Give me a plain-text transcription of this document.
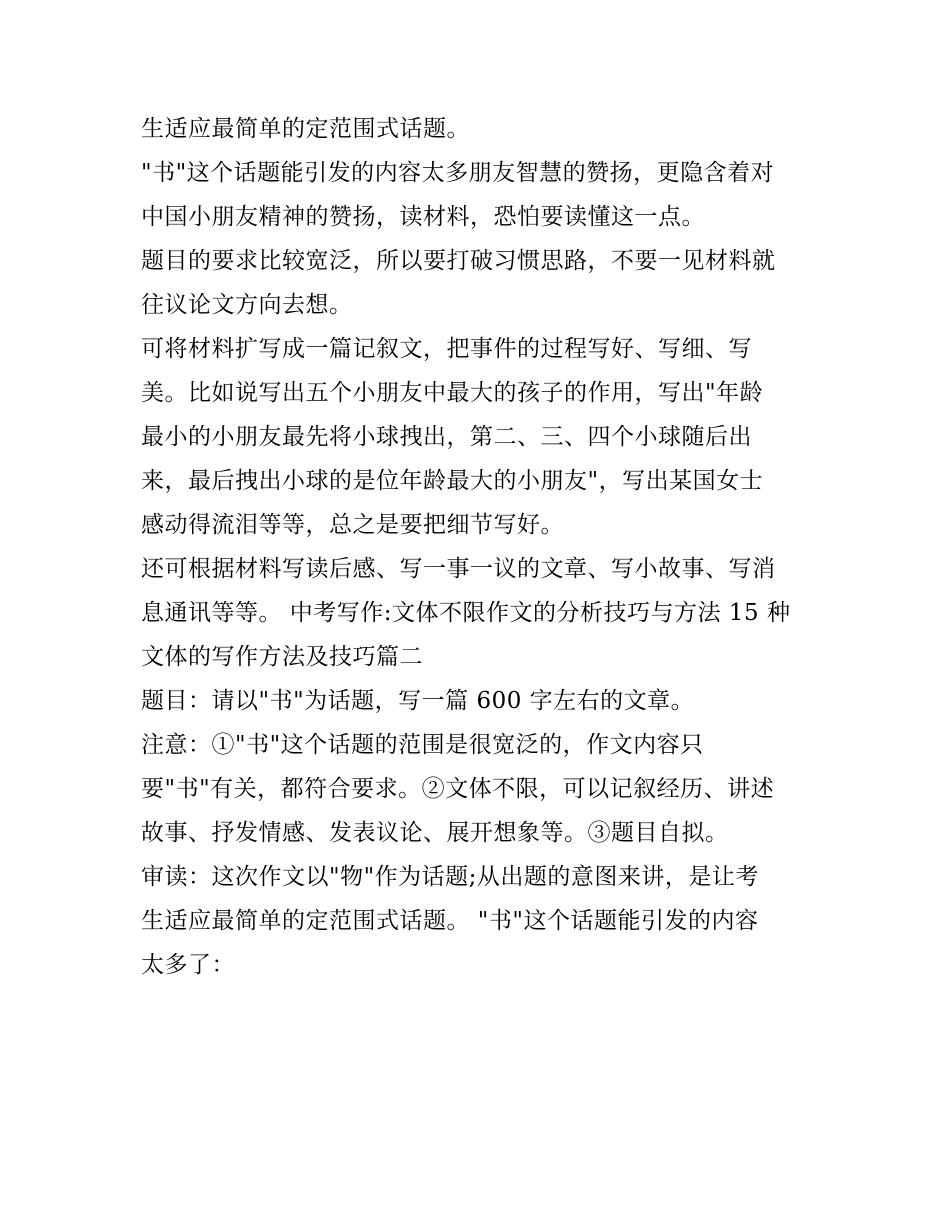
生适应最简单的定范围式话题。
"书"这个话题能引发的内容太多朋友智慧的赞扬，更隐含着对
中国小朋友精神的赞扬，读材料，恐怕要读懂这一点。
题目的要求比较宽泛，所以要打破习惯思路，不要一见材料就
往议论文方向去想。
可将材料扩写成一篇记叙文，把事件的过程写好、写细、写
美。比如说写出五个小朋友中最大的孩子的作用，写出"年龄
最小的小朋友最先将小球拽出，第二、三、四个小球随后出
来，最后拽出小球的是位年龄最大的小朋友"，写出某国女士
感动得流泪等等，总之是要把细节写好。
还可根据材料写读后感、写一事一议的文章、写小故事、写消
息通讯等等。 中考写作:文体不限作文的分析技巧与方法 15 种
文体的写作方法及技巧篇二
题目：请以"书"为话题，写一篇 600 字左右的文章。
注意：①"书"这个话题的范围是很宽泛的，作文内容只
要"书"有关，都符合要求。②文体不限，可以记叙经历、讲述
故事、抒发情感、发表议论、展开想象等。③题目自拟。
审读：这次作文以"物"作为话题;从出题的意图来讲，是让考
生适应最简单的定范围式话题。 "书"这个话题能引发的内容
太多了：
